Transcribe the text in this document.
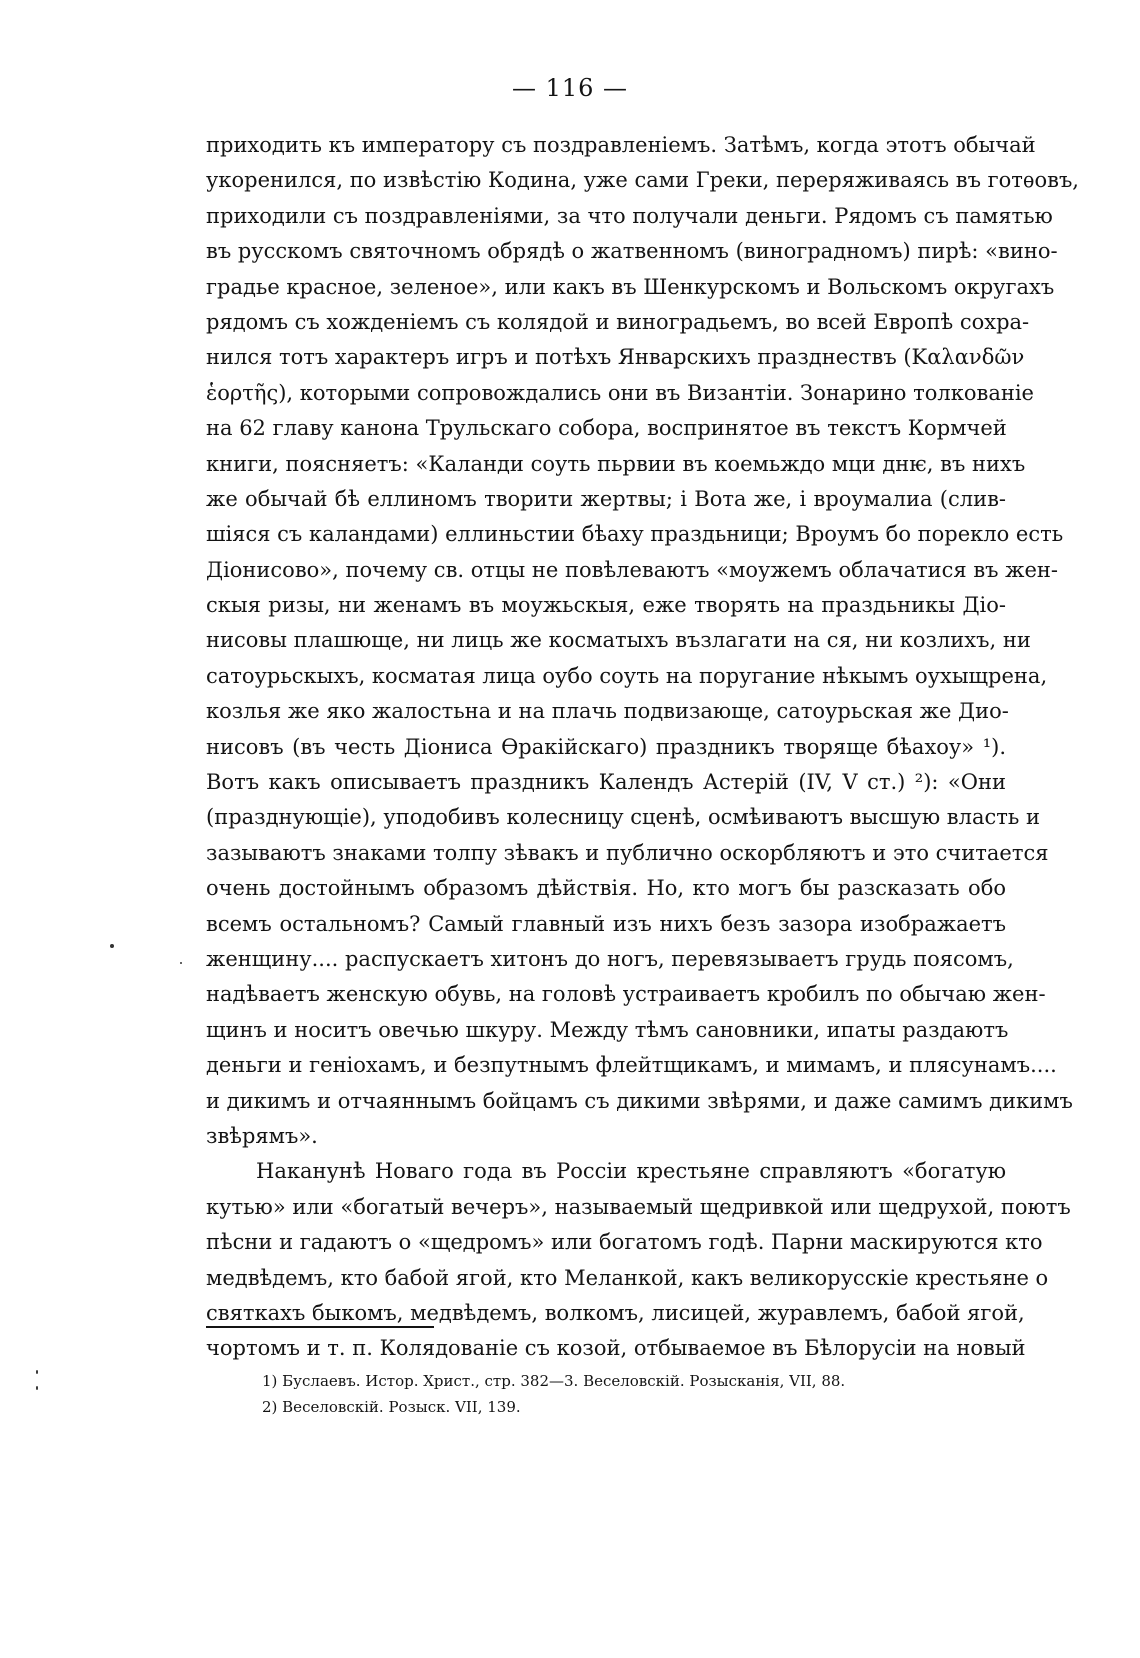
— 116 —
приходить къ императору съ поздравленіемъ. Затѣмъ, когда этотъ обычай
укоренился, по извѣстію Кодина, уже сами Греки, переряживаясь въ готѳовъ,
приходили съ поздравленіями, за что получали деньги. Рядомъ съ памятью
въ русскомъ святочномъ обрядѣ о жатвенномъ (виноградномъ) пирѣ: «вино-
градье красное, зеленое», или какъ въ Шенкурскомъ и Вольскомъ округахъ
рядомъ съ хожденіемъ съ колядой и виноградьемъ, во всей Европѣ сохра-
нился тотъ характеръ игръ и потѣхъ Январскихъ празднествъ (Καλανδῶν
ἑορτῆς), которыми сопровождались они въ Византіи. Зонарино толкованіе
на 62 главу канона Трульскаго собора, воспринятое въ текстъ Кормчей
книги, поясняетъ: «Каланди соуть пьрвии въ коемьждо мци днѥ, въ нихъ
же обычай бѣ еллиномъ творити жертвы; і Вота же, і вроумалиа (слив-
шіяся съ каландами) еллиньстии бѣаху праздьници; Вроумъ бо порекло есть
Діонисово», почему св. отцы не повѣлеваютъ «моужемъ облачатися въ жен-
скыя ризы, ни женамъ въ моужьскыя, еже творять на праздьникы Діо-
нисовы плашюще, ни лиць же косматыхъ възлагати на ся, ни козлихъ, ни
сатоурьскыхъ, косматая лица оубо соуть на поругание нѣкымъ оухыщрена,
козлья же яко жалостьна и на плачь подвизающе, сатоурьская же Дио-
нисовъ (въ честь Діониса Ѳракійскаго) праздникъ творяще бѣахоу» ¹).
Вотъ какъ описываетъ праздникъ Календъ Астерій (IV, V ст.) ²): «Они
(празднующіе), уподобивъ колесницу сценѣ, осмѣиваютъ высшую власть и
зазываютъ знаками толпу зѣвакъ и публично оскорбляютъ и это считается
очень достойнымъ образомъ дѣйствія. Но, кто могъ бы разсказать обо
всемъ остальномъ? Самый главный изъ нихъ безъ зазора изображаетъ
женщину.... распускаетъ хитонъ до ногъ, перевязываетъ грудь поясомъ,
надѣваетъ женскую обувь, на головѣ устраиваетъ кробилъ по обычаю жен-
щинъ и носитъ овечью шкуру. Между тѣмъ сановники, ипаты раздаютъ
деньги и геніохамъ, и безпутнымъ флейтщикамъ, и мимамъ, и плясунамъ....
и дикимъ и отчаяннымъ бойцамъ съ дикими звѣрями, и даже самимъ дикимъ
звѣрямъ».
Наканунѣ Новаго года въ Россіи крестьяне справляютъ «богатую
кутью» или «богатый вечеръ», называемый щедривкой или щедрухой, поютъ
пѣсни и гадаютъ о «щедромъ» или богатомъ годѣ. Парни маскируются кто
медвѣдемъ, кто бабой ягой, кто Меланкой, какъ великорусскіе крестьяне о
святкахъ быкомъ, медвѣдемъ, волкомъ, лисицей, журавлемъ, бабой ягой,
чортомъ и т. п. Колядованіе съ козой, отбываемое въ Бѣлорусіи на новый
1) Буслаевъ. Истор. Христ., стр. 382—3. Веселовскій. Розысканія, VII, 88.
2) Веселовскій. Розыск. VII, 139.
